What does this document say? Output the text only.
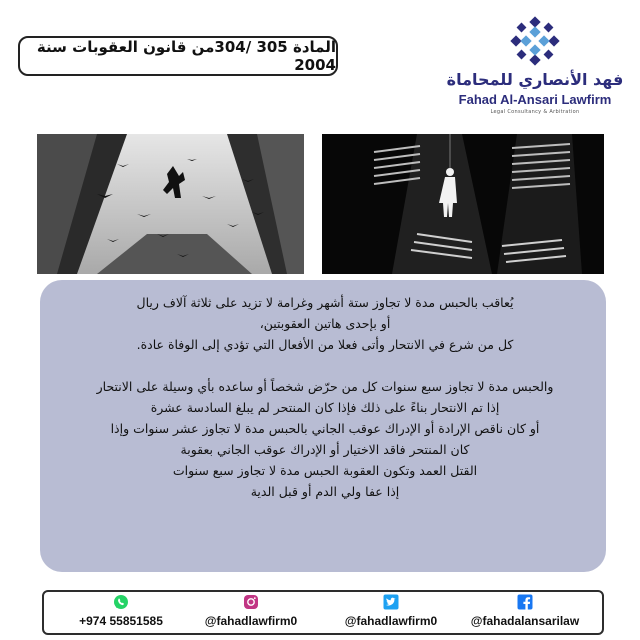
المادة 305 /304من قانون العقوبات سنة 2004
فهد الأنصاري للمحاماة
Fahad Al-Ansari Lawfirm
Legal Consultancy & Arbitration

يُعاقب بالحبس مدة لا تجاوز ستة أشهر وغرامة لا تزيد على ثلاثة آلاف ريال

أو بإحدى هاتين العقوبتين،

كل من شرع في الانتحار وأتى فعلا من الأفعال التي تؤدي إلى الوفاة عادة.

والحبس مدة لا تجاوز سبع سنوات كل من حرّض شخصاً أو ساعده بأي وسيلة على الانتحار

إذا تم الانتحار بناءً على ذلك فإذا كان المنتحر لم يبلغ السادسة عشرة

أو كان ناقص الإرادة أو الإدراك عوقب الجاني بالحبس مدة لا تجاوز عشر سنوات وإذا

كان المنتحر فاقد الاختيار أو الإدراك عوقب الجاني بعقوبة

القتل العمد وتكون العقوبة الحبس مدة لا تجاوز سبع سنوات

إذا عفا ولي الدم أو قبل الدية

+974 55851585	@fahadlawfirm0	@fahadlawfirm0	@fahadalansarilaw
